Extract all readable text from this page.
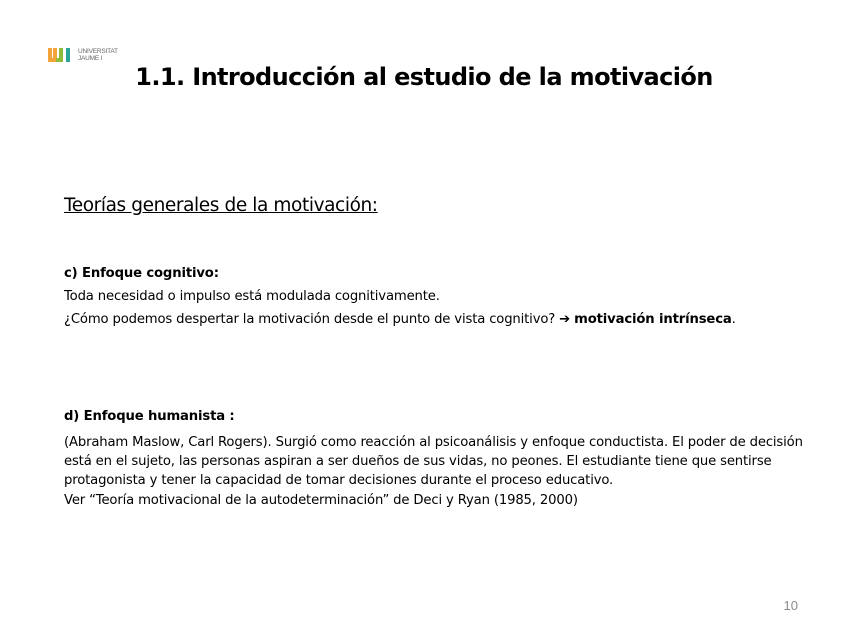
UNIVERSITAT
JAUME I
1.1. Introducción al estudio de la motivación
Teorías generales de la motivación:

c) Enfoque cognitivo:

Toda necesidad o impulso está modulada cognitivamente.

¿Cómo podemos despertar la motivación desde el punto de vista cognitivo? ➔ motivación intrínseca.

d) Enfoque humanista :

(Abraham Maslow, Carl Rogers). Surgió como reacción al psicoanálisis y enfoque conductista. El poder de decisión está en el sujeto, las personas aspiran a ser dueños de sus vidas, no peones. El estudiante tiene que sentirse protagonista y tener la capacidad de tomar decisiones durante el proceso educativo.

Ver “Teoría motivacional de la autodeterminación” de Deci y Ryan (1985, 2000)

10
